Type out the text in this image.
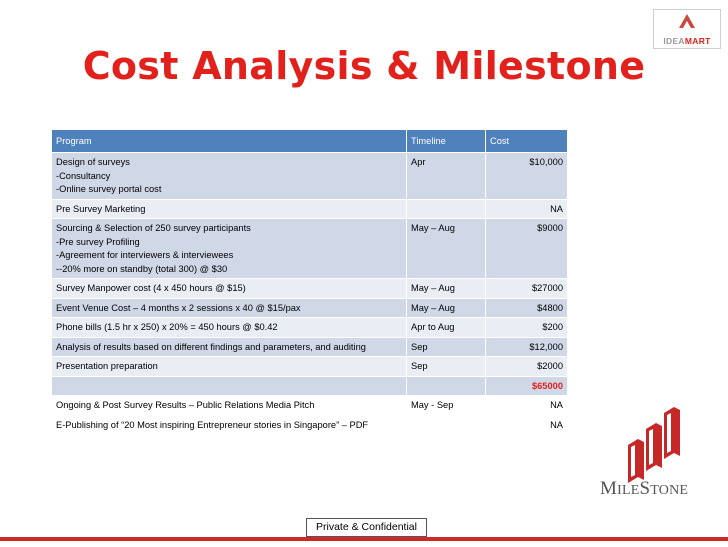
Cost Analysis & Milestone
IDEAMART
Program	Timeline	Cost

Design of surveys
-Consultancy
-Online survey portal cost	Apr	$10,000

Pre Survey Marketing		NA

Sourcing & Selection of 250 survey participants
-Pre survey Profiling
-Agreement for interviewers & interviewees
--20% more on standby (total 300) @ $30	May – Aug	$9000

Survey Manpower cost (4 x 450 hours @ $15)	May – Aug	$27000

Event Venue Cost – 4 months x 2 sessions x 40 @ $15/pax	May – Aug	$4800

Phone bills (1.5 hr x 250) x 20% = 450 hours @ $0.42	Apr to Aug	$200

Analysis of results based on different findings and parameters, and auditing	Sep	$12,000

Presentation preparation	Sep	$2000

		$65000

Ongoing & Post Survey Results – Public Relations Media Pitch	May - Sep	NA

E-Publishing of “20 Most inspiring Entrepreneur stories in Singapore” – PDF		NA
MILESTONE
Private & Confidential
